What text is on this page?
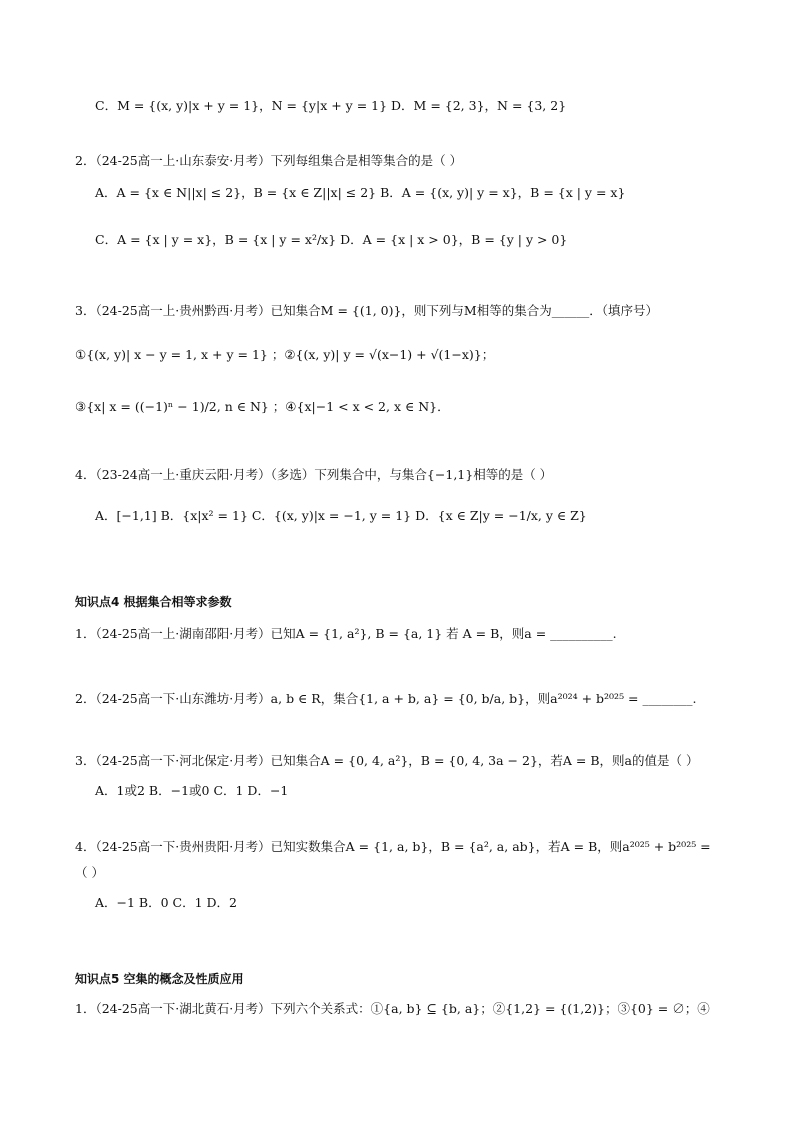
C．M = {(x, y)|x + y = 1}，N = {y|x + y = 1} D．M = {2, 3}，N = {3, 2}
2．（24-25高一上·山东泰安·月考）下列每组集合是相等集合的是（ ）
A．A = {x ∈ N||x| ≤ 2}，B = {x ∈ Z||x| ≤ 2} B．A = {(x, y)| y = x}，B = {x | y = x}
C．A = {x | y = x}，B = {x | y = x²/x} D．A = {x | x > 0}，B = {y | y > 0}
3．（24-25高一上·贵州黔西·月考）已知集合M = {(1, 0)}，则下列与M相等的集合为______．（填序号）
①{(x, y)| x − y = 1, x + y = 1} ；②{(x, y)| y = √(x−1) + √(1−x)}；
③{x| x = ((−1)ⁿ − 1)/2, n ∈ N} ；④{x|−1 < x < 2, x ∈ N}．
4．（23-24高一上·重庆云阳·月考）（多选）下列集合中，与集合{−1,1}相等的是（ ）
A．[−1,1] B．{x|x² = 1} C．{(x, y)|x = −1, y = 1} D．{x ∈ Z|y = −1/x, y ∈ Z}
知识点4 根据集合相等求参数
1．（24-25高一上·湖南邵阳·月考）已知A = {1, a²}, B = {a, 1} 若 A = B，则a = __________.
2．（24-25高一下·山东潍坊·月考）a, b ∈ R，集合{1, a + b, a} = {0, b/a, b}，则a²⁰²⁴ + b²⁰²⁵ = ________.
3．（24-25高一下·河北保定·月考）已知集合A = {0, 4, a²}，B = {0, 4, 3a − 2}，若A = B，则a的值是（ ）
A．1或2 B．−1或0 C．1 D．−1
4．（24-25高一下·贵州贵阳·月考）已知实数集合A = {1, a, b}，B = {a², a, ab}，若A = B，则a²⁰²⁵ + b²⁰²⁵ =
（ ）
A．−1 B．0 C．1 D．2
知识点5 空集的概念及性质应用
1．（24-25高一下·湖北黄石·月考）下列六个关系式：①{a, b} ⊆ {b, a}；②{1,2} = {(1,2)}；③{0} = ∅；④
